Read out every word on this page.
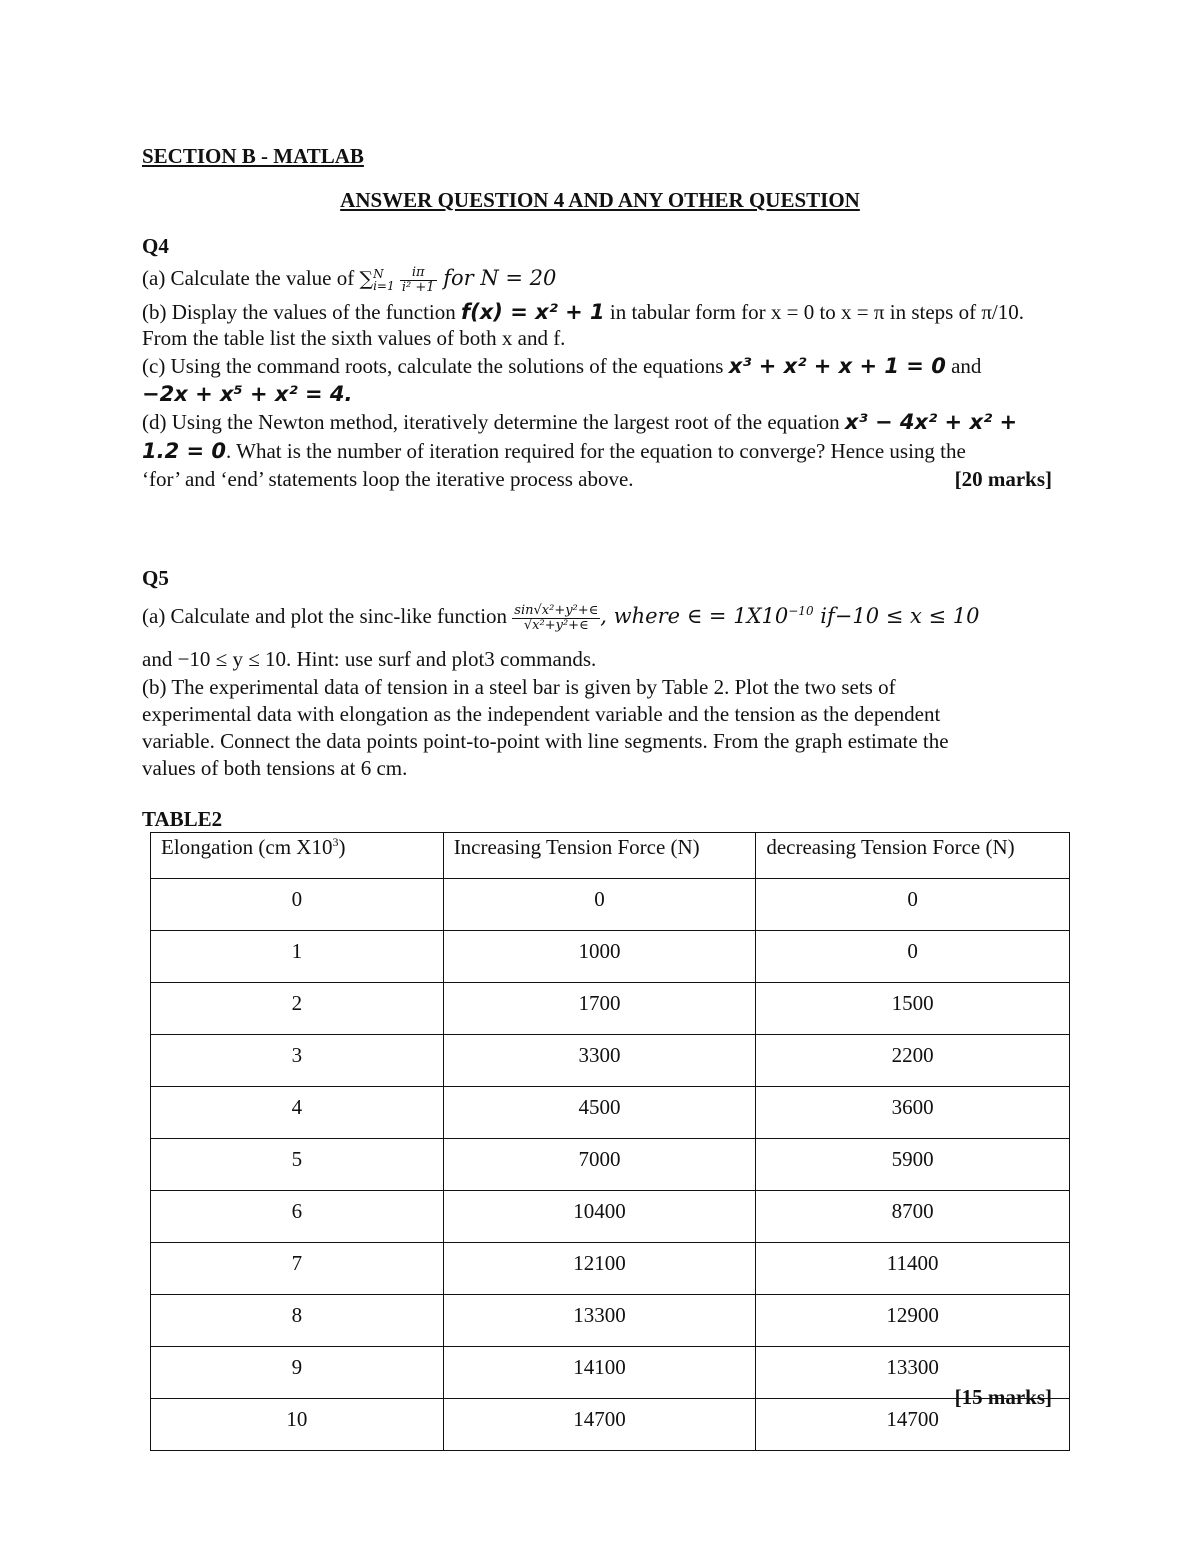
SECTION B - MATLAB
ANSWER QUESTION 4 AND ANY OTHER QUESTION
Q4
(a) Calculate the value of ∑ N
i=1
$\frac{i\pi}{\text{i² +1}}$ for N = 20
(b) Display the values of the function f(x) = x² + 1 in tabular form for x = 0 to x = π in steps of π/10.
From the table list the sixth values of both x and f.
(c) Using the command roots, calculate the solutions of the equations x³ + x² + x + 1 = 0 and
−2x + x⁵ + x² = 4.
(d) Using the Newton method, iteratively determine the largest root of the equation x³ − 4x² + x² +
1.2 = 0. What is the number of iteration required for the equation to converge? Hence using the
‘for’ and ‘end’ statements loop the iterative process above.	[20 marks]
Q5
(a) Calculate and plot the sinc-like function $\frac{\text{sin√x²+y²+∈}}{\text{√x²+y²+∈}}$ , where ∈ = $1X10^{-10}$ if−10 ≤ x ≤ 10
and −10 ≤ y ≤ 10. Hint: use surf and plot3 commands.
(b) The experimental data of tension in a steel bar is given by Table 2. Plot the two sets of
experimental data with elongation as the independent variable and the tension as the dependent
variable. Connect the data points point-to-point with line segments. From the graph estimate the
values of both tensions at 6 cm.
TABLE2
Elongation (cm $X10^3$)	Increasing Tension Force (N)	decreasing Tension Force (N)
0	0	0
1	1000	0
2	1700	1500
3	3300	2200
4	4500	3600
5	7000	5900
6	10400	8700
7	12100	11400
8	13300	12900
9	14100	13300
10	14700	14700
[15 marks]
